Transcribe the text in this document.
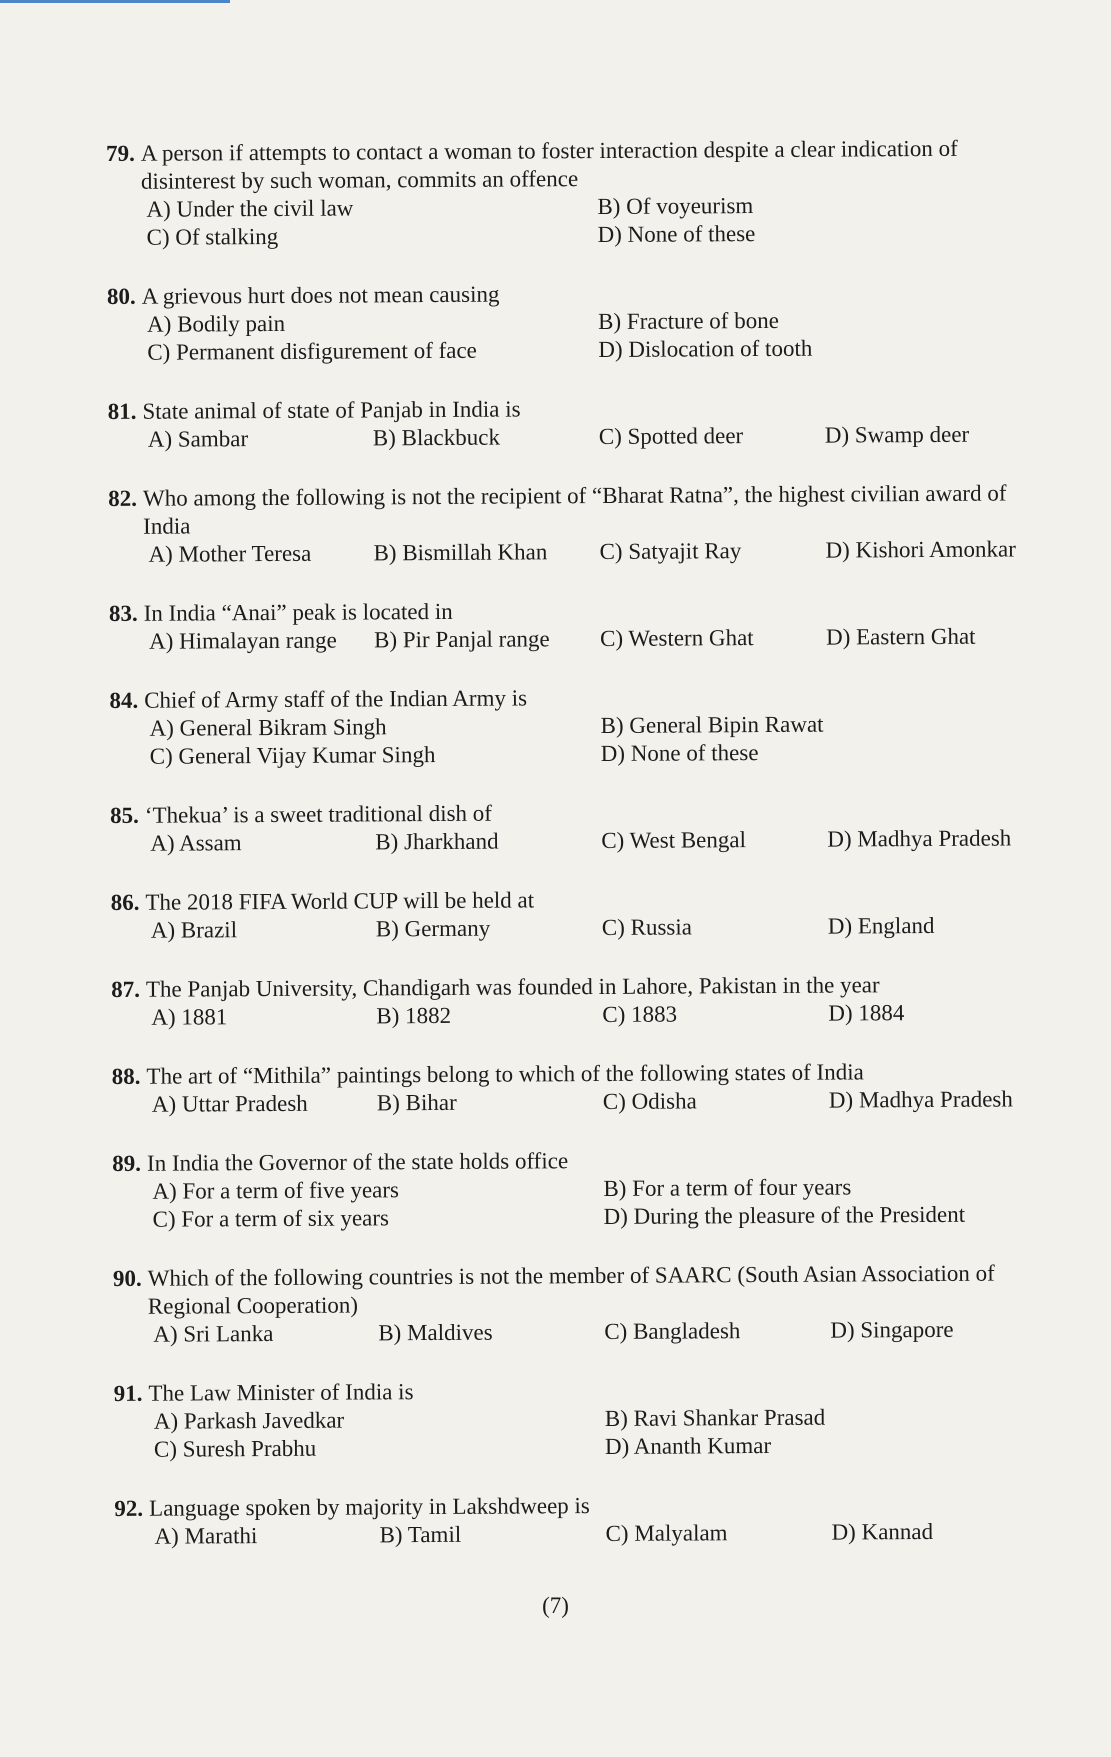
79. A person if attempts to contact a woman to foster interaction despite a clear indication of disinterest by such woman, commits an offence
A) Under the civil law	B) Of voyeurism
C) Of stalking	D) None of these
80. A grievous hurt does not mean causing
A) Bodily pain	B) Fracture of bone
C) Permanent disfigurement of face	D) Dislocation of tooth
81. State animal of state of Panjab in India is
A) Sambar	B) Blackbuck	C) Spotted deer	D) Swamp deer
82. Who among the following is not the recipient of “Bharat Ratna”, the highest civilian award of India
A) Mother Teresa	B) Bismillah Khan	C) Satyajit Ray	D) Kishori Amonkar
83. In India “Anai” peak is located in
A) Himalayan range	B) Pir Panjal range	C) Western Ghat	D) Eastern Ghat
84. Chief of Army staff of the Indian Army is
A) General Bikram Singh	B) General Bipin Rawat
C) General Vijay Kumar Singh	D) None of these
85. ‘Thekua’ is a sweet traditional dish of
A) Assam	B) Jharkhand	C) West Bengal	D) Madhya Pradesh
86. The 2018 FIFA World CUP will be held at
A) Brazil	B) Germany	C) Russia	D) England
87. The Panjab University, Chandigarh was founded in Lahore, Pakistan in the year
A) 1881	B) 1882	C) 1883	D) 1884
88. The art of “Mithila” paintings belong to which of the following states of India
A) Uttar Pradesh	B) Bihar	C) Odisha	D) Madhya Pradesh
89. In India the Governor of the state holds office
A) For a term of five years	B) For a term of four years
C) For a term of six years	D) During the pleasure of the President
90. Which of the following countries is not the member of SAARC (South Asian Association of Regional Cooperation)
A) Sri Lanka	B) Maldives	C) Bangladesh	D) Singapore
91. The Law Minister of India is
A) Parkash Javedkar	B) Ravi Shankar Prasad
C) Suresh Prabhu	D) Ananth Kumar
92. Language spoken by majority in Lakshdweep is
A) Marathi	B) Tamil	C) Malyalam	D) Kannad
(7)
